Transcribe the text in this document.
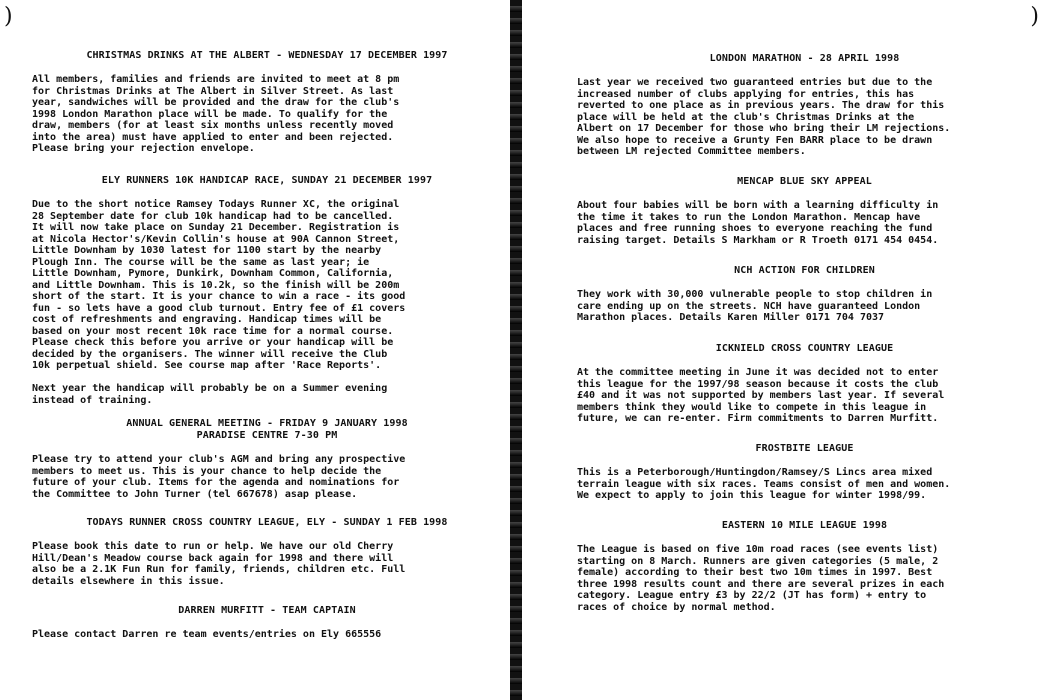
)
CHRISTMAS DRINKS AT THE ALBERT - WEDNESDAY 17 DECEMBER 1997
All members, families and friends are invited to meet at 8 pm
for Christmas Drinks at The Albert in Silver Street. As last
year, sandwiches will be provided and the draw for the club's
1998 London Marathon place will be made. To qualify for the
draw, members (for at least six months unless recently moved
into the area) must have applied to enter and been rejected.
Please bring your rejection envelope.
ELY RUNNERS 10K HANDICAP RACE, SUNDAY 21 DECEMBER 1997
Due to the short notice Ramsey Todays Runner XC, the original
28 September date for club 10k handicap had to be cancelled.
It will now take place on Sunday 21 December. Registration is
at Nicola Hector's/Kevin Collin's house at 90A Cannon Street,
Little Downham by 1030 latest for 1100 start by the nearby
Plough Inn. The course will be the same as last year; ie
Little Downham, Pymore, Dunkirk, Downham Common, California,
and Little Downham. This is 10.2k, so the finish will be 200m
short of the start. It is your chance to win a race - its good
fun - so lets have a good club turnout. Entry fee of £1 covers
cost of refreshments and engraving. Handicap times will be
based on your most recent 10k race time for a normal course.
Please check this before you arrive or your handicap will be
decided by the organisers. The winner will receive the Club
10k perpetual shield. See course map after 'Race Reports'.

Next year the handicap will probably be on a Summer evening
instead of training.
ANNUAL GENERAL MEETING - FRIDAY 9 JANUARY 1998
PARADISE CENTRE 7-30 PM
Please try to attend your club's AGM and bring any prospective
members to meet us. This is your chance to help decide the
future of your club. Items for the agenda and nominations for
the Committee to John Turner (tel 667678) asap please.
TODAYS RUNNER CROSS COUNTRY LEAGUE, ELY - SUNDAY 1 FEB 1998
Please book this date to run or help. We have our old Cherry
Hill/Dean's Meadow course back again for 1998 and there will
also be a 2.1K Fun Run for family, friends, children etc. Full
details elsewhere in this issue.
DARREN MURFITT - TEAM CAPTAIN
Please contact Darren re team events/entries on Ely 665556
)
LONDON MARATHON - 28 APRIL 1998
Last year we received two guaranteed entries but due to the
increased number of clubs applying for entries, this has
reverted to one place as in previous years. The draw for this
place will be held at the club's Christmas Drinks at the
Albert on 17 December for those who bring their LM rejections.
We also hope to receive a Grunty Fen BARR place to be drawn
between LM rejected Committee members.
MENCAP BLUE SKY APPEAL
About four babies will be born with a learning difficulty in
the time it takes to run the London Marathon. Mencap have
places and free running shoes to everyone reaching the fund
raising target. Details S Markham or R Troeth 0171 454 0454.
NCH ACTION FOR CHILDREN
They work with 30,000 vulnerable people to stop children in
care ending up on the streets. NCH have guaranteed London
Marathon places. Details Karen Miller 0171 704 7037
ICKNIELD CROSS COUNTRY LEAGUE
At the committee meeting in June it was decided not to enter
this league for the 1997/98 season because it costs the club
£40 and it was not supported by members last year. If several
members think they would like to compete in this league in
future, we can re-enter. Firm commitments to Darren Murfitt.
FROSTBITE LEAGUE
This is a Peterborough/Huntingdon/Ramsey/S Lincs area mixed
terrain league with six races. Teams consist of men and women.
We expect to apply to join this league for winter 1998/99.
EASTERN 10 MILE LEAGUE 1998
The League is based on five 10m road races (see events list)
starting on 8 March. Runners are given categories (5 male, 2
female) according to their best two 10m times in 1997. Best
three 1998 results count and there are several prizes in each
category. League entry £3 by 22/2 (JT has form) + entry to
races of choice by normal method.
